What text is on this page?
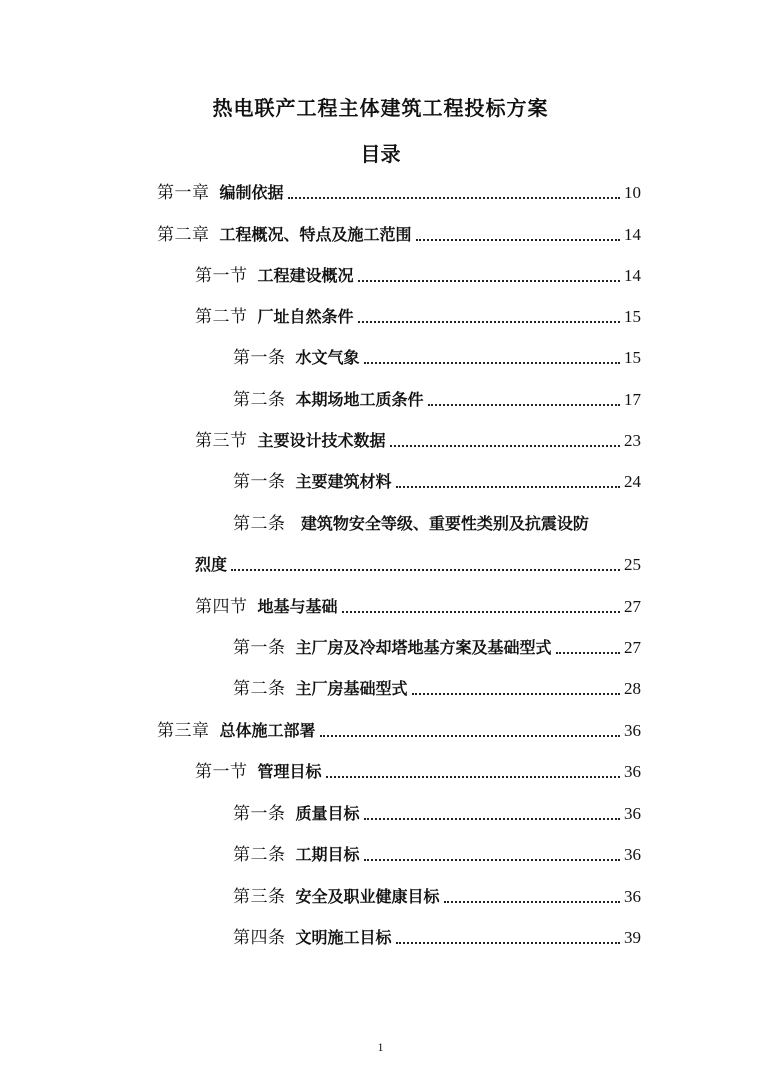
热电联产工程主体建筑工程投标方案
目录
第一章 编制依据	10
第二章 工程概况、特点及施工范围	14
第一节 工程建设概况	14
第二节 厂址自然条件	15
第一条 水文气象	15
第二条 本期场地工质条件	17
第三节 主要设计技术数据	23
第一条 主要建筑材料	24
第二条 建筑物安全等级、重要性类别及抗震设防
烈度	25
第四节 地基与基础	27
第一条 主厂房及冷却塔地基方案及基础型式	27
第二条 主厂房基础型式	28
第三章 总体施工部署	36
第一节 管理目标	36
第一条 质量目标	36
第二条 工期目标	36
第三条 安全及职业健康目标	36
第四条 文明施工目标	39
1
